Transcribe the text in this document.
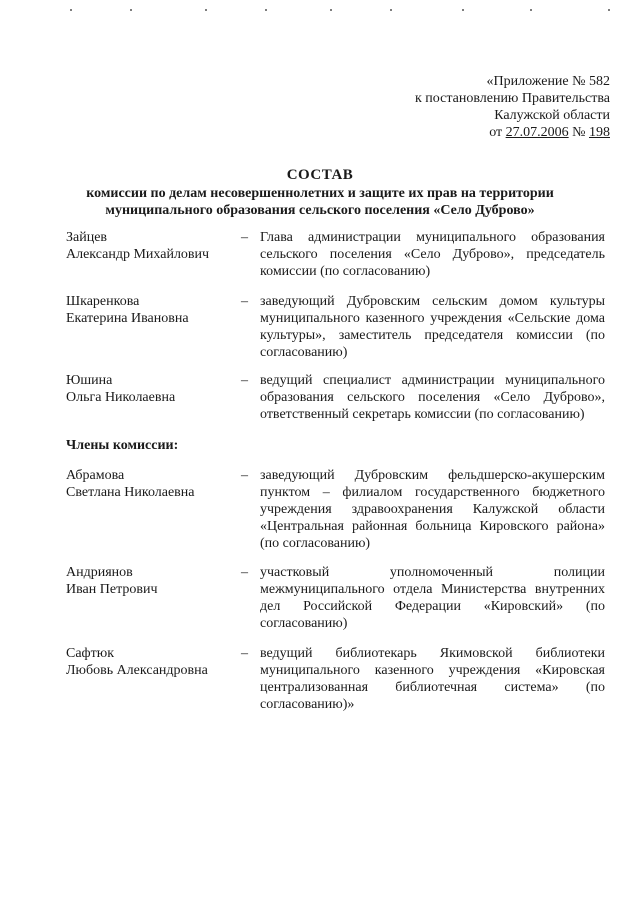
«Приложение № 582
к постановлению Правительства
Калужской области
от 27.07.2006 № 198
СОСТАВ
комиссии по делам несовершеннолетних и защите их прав на территории
муниципального образования сельского поселения «Село Дуброво»
Зайцев
Александр Михайлович
– Глава администрации муниципального образования сельского поселения «Село Дуброво», председатель комиссии (по согласованию)
Шкаренкова
Екатерина Ивановна
– заведующий Дубровским сельским домом культуры муниципального казенного учреждения «Сельские дома культуры», заместитель председателя комиссии (по согласованию)
Юшина
Ольга Николаевна
– ведущий специалист администрации муниципального образования сельского поселения «Село Дуброво», ответственный секретарь комиссии (по согласованию)
Члены комиссии:
Абрамова
Светлана Николаевна
– заведующий Дубровским фельдшерско-акушерским пунктом – филиалом государственного бюджетного учреждения здравоохранения Калужской области «Центральная районная больница Кировского района» (по согласованию)
Андриянов
Иван Петрович
– участковый уполномоченный полиции межмуниципального отдела Министерства внутренних дел Российской Федерации «Кировский» (по согласованию)
Сафтюк
Любовь Александровна
– ведущий библиотекарь Якимовской библиотеки муниципального казенного учреждения «Кировская централизованная библиотечная система» (по согласованию)»
